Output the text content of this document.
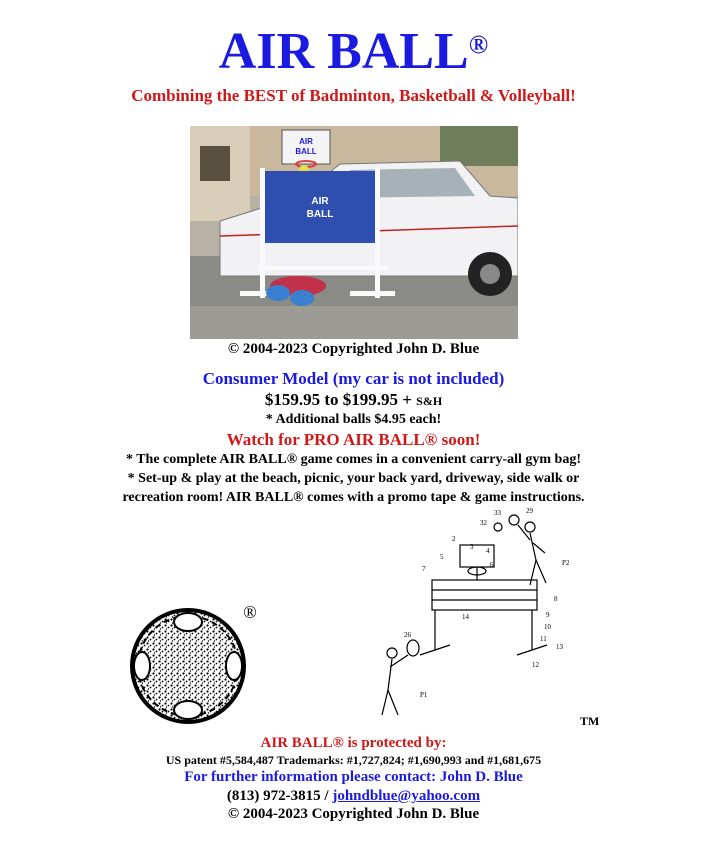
AIR BALL®
Combining the BEST of Badminton, Basketball & Volleyball!
AIR
BALL
AIR
BALL
© 2004-2023 Copyrighted John D. Blue
Consumer Model (my car is not included)
$159.95 to $199.95 + S&H
* Additional balls $4.95 each!
Watch for PRO AIR BALL® soon!
* The complete AIR BALL® game comes in a convenient carry-all gym bag!
* Set-up & play at the beach, picnic, your back yard, driveway, side walk or
recreation room! AIR BALL® comes with a promo tape & game instructions.
®
33
32
29
2
3 4
5
6
7
P2
8
9
10
11
12
13
14
26
P1
TM
AIR BALL® is protected by:
US patent #5,584,487 Trademarks: #1,727,824; #1,690,993 and #1,681,675
For further information please contact: John D. Blue
(813) 972-3815 / johndblue@yahoo.com
© 2004-2023 Copyrighted John D. Blue
